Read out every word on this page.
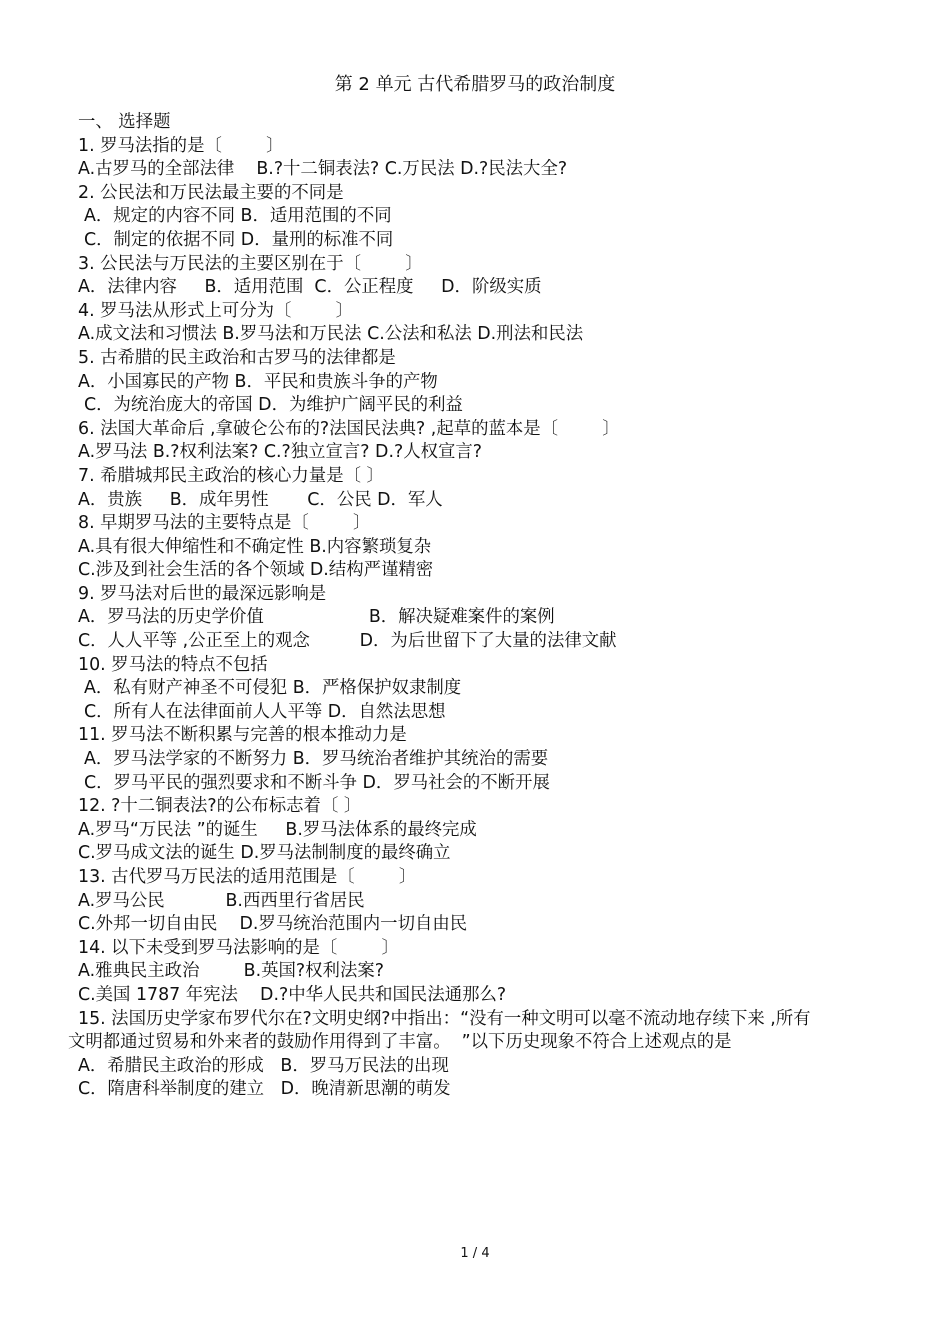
第 2 单元 古代希腊罗马的政治制度
一、 选择题
1. 罗马法指的是〔        〕
A.古罗马的全部法律    B.?十二铜表法? C.万民法 D.?民法大全?
2. 公民法和万民法最主要的不同是
A．规定的内容不同 B．适用范围的不同
C．制定的依据不同 D．量刑的标准不同
3. 公民法与万民法的主要区别在于〔        〕
A．法律内容     B．适用范围  C．公正程度     D．阶级实质
4. 罗马法从形式上可分为〔        〕
A.成文法和习惯法 B.罗马法和万民法 C.公法和私法 D.刑法和民法
5. 古希腊的民主政治和古罗马的法律都是
A．小国寡民的产物 B．平民和贵族斗争的产物
C．为统治庞大的帝国 D．为维护广阔平民的利益
6. 法国大革命后 ,拿破仑公布的?法国民法典? ,起草的蓝本是〔        〕
A.罗马法 B.?权利法案? C.?独立宣言? D.?人权宣言?
7. 希腊城邦民主政治的核心力量是〔 〕
A．贵族     B．成年男性       C．公民 D．军人
8. 早期罗马法的主要特点是〔        〕
A.具有很大伸缩性和不确定性 B.内容繁琐复杂
C.涉及到社会生活的各个领域 D.结构严谨精密
9. 罗马法对后世的最深远影响是
A．罗马法的历史学价值                   B．解决疑难案件的案例
C．人人平等 ,公正至上的观念         D．为后世留下了大量的法律文献
10. 罗马法的特点不包括
A．私有财产神圣不可侵犯 B．严格保护奴隶制度
C．所有人在法律面前人人平等 D．自然法思想
11. 罗马法不断积累与完善的根本推动力是
A．罗马法学家的不断努力 B．罗马统治者维护其统治的需要
C．罗马平民的强烈要求和不断斗争 D．罗马社会的不断开展
12. ?十二铜表法?的公布标志着〔 〕
A.罗马“万民法 ”的诞生     B.罗马法体系的最终完成
C.罗马成文法的诞生 D.罗马法制制度的最终确立
13. 古代罗马万民法的适用范围是〔        〕
A.罗马公民           B.西西里行省居民
C.外邦一切自由民    D.罗马统治范围内一切自由民
14. 以下未受到罗马法影响的是〔        〕
A.雅典民主政治        B.英国?权利法案?
C.美国 1787 年宪法    D.?中华人民共和国民法通那么?
15. 法国历史学家布罗代尔在?文明史纲?中指出：“没有一种文明可以毫不流动地存续下来 ,所有
文明都通过贸易和外来者的鼓励作用得到了丰富。  ”以下历史现象不符合上述观点的是
A．希腊民主政治的形成   B．罗马万民法的出现
C．隋唐科举制度的建立   D．晚清新思潮的萌发
1 / 4
